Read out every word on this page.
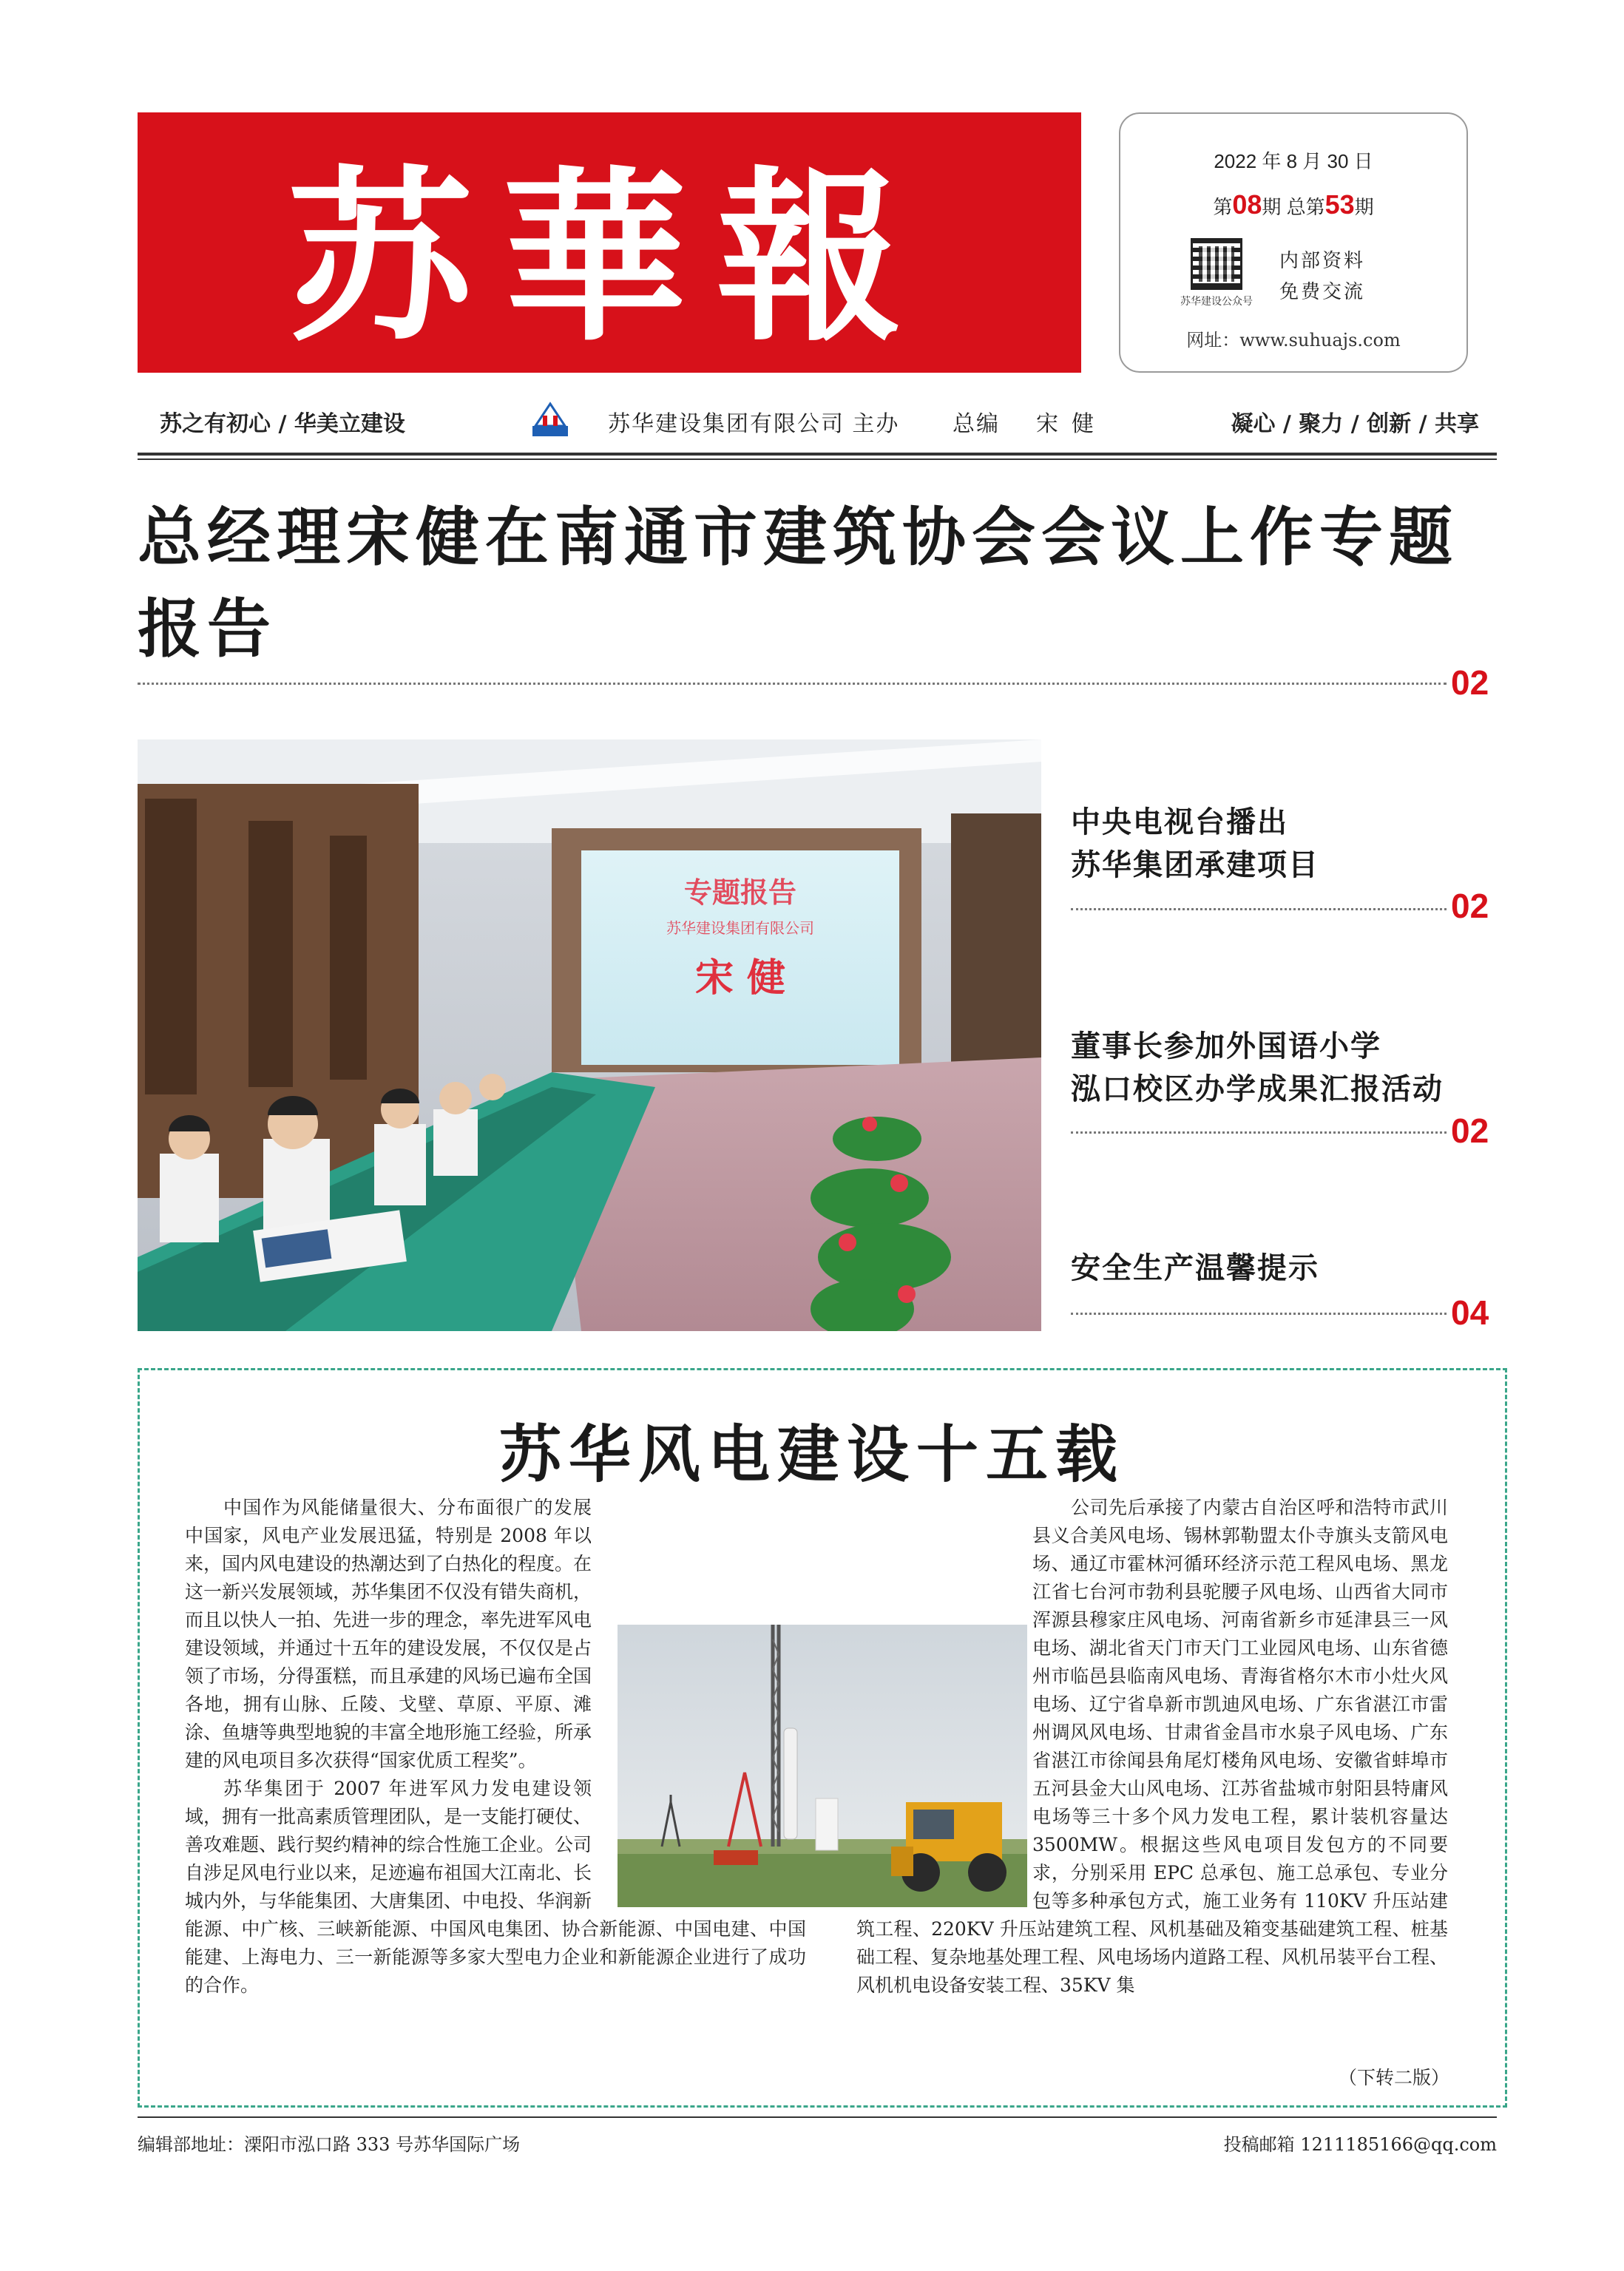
苏華報	2022 年 8 月 30 日
第08期 总第53期
苏华建设公众号
内部资料
免费交流
网址：www.suhuajs.com
苏之有初心 / 华美立建设	苏华建设集团有限公司 主办 总编 宋健	凝心 / 聚力 / 创新 / 共享
总经理宋健在南通市建筑协会会议上作专题报告
02
专题报告
苏华建设集团有限公司
宋 健
中央电视台播出
苏华集团承建项目
02
董事长参加外国语小学
泓口校区办学成果汇报活动
02
安全生产温馨提示
04
苏华风电建设十五载

中国作为风能储量很大、分布面很广的发展中国家，风电产业发展迅猛，特别是 2008 年以来，国内风电建设的热潮达到了白热化的程度。在这一新兴发展领域，苏华集团不仅没有错失商机，而且以快人一拍、先进一步的理念，率先进军风电建设领域，并通过十五年的建设发展，不仅仅是占领了市场，分得蛋糕，而且承建的风场已遍布全国各地，拥有山脉、丘陵、戈壁、草原、平原、滩涂、鱼塘等典型地貌的丰富全地形施工经验，所承建的风电项目多次获得“国家优质工程奖”。

苏华集团于 2007 年进军风力发电建设领域，拥有一批高素质管理团队，是一支能打硬仗、善攻难题、践行契约精神的综合性施工企业。公司自涉足风电行业以来，足迹遍布祖国大江南北、长城内外，与华能集团、大唐集团、中电投、华润新能源、中广核、三峡新能源、中国风电集团、协合新能源、中国电建、中国能建、上海电力、三一新能源等多家大型电力企业和新能源企业进行了成功的合作。

公司先后承接了内蒙古自治区呼和浩特市武川县义合美风电场、锡林郭勒盟太仆寺旗头支箭风电场、通辽市霍林河循环经济示范工程风电场、黑龙江省七台河市勃利县驼腰子风电场、山西省大同市浑源县穆家庄风电场、河南省新乡市延津县三一风电场、湖北省天门市天门工业园风电场、山东省德州市临邑县临南风电场、青海省格尔木市小灶火风电场、辽宁省阜新市凯迪风电场、广东省湛江市雷州调风风电场、甘肃省金昌市水泉子风电场、广东省湛江市徐闻县角尾灯楼角风电场、安徽省蚌埠市五河县金大山风电场、江苏省盐城市射阳县特庸风电场等三十多个风力发电工程，累计装机容量达 3500MW。根据这些风电项目发包方的不同要求，分别采用 EPC 总承包、施工总承包、专业分包等多种承包方式，施工业务有 110KV 升压站建筑工程、220KV 升压站建筑工程、风机基础及箱变基础建筑工程、桩基础工程、复杂地基处理工程、风电场场内道路工程、风机吊装平台工程、风机机电设备安装工程、35KV 集

（下转二版）
编辑部地址：溧阳市泓口路 333 号苏华国际广场	投稿邮箱 1211185166@qq.com
